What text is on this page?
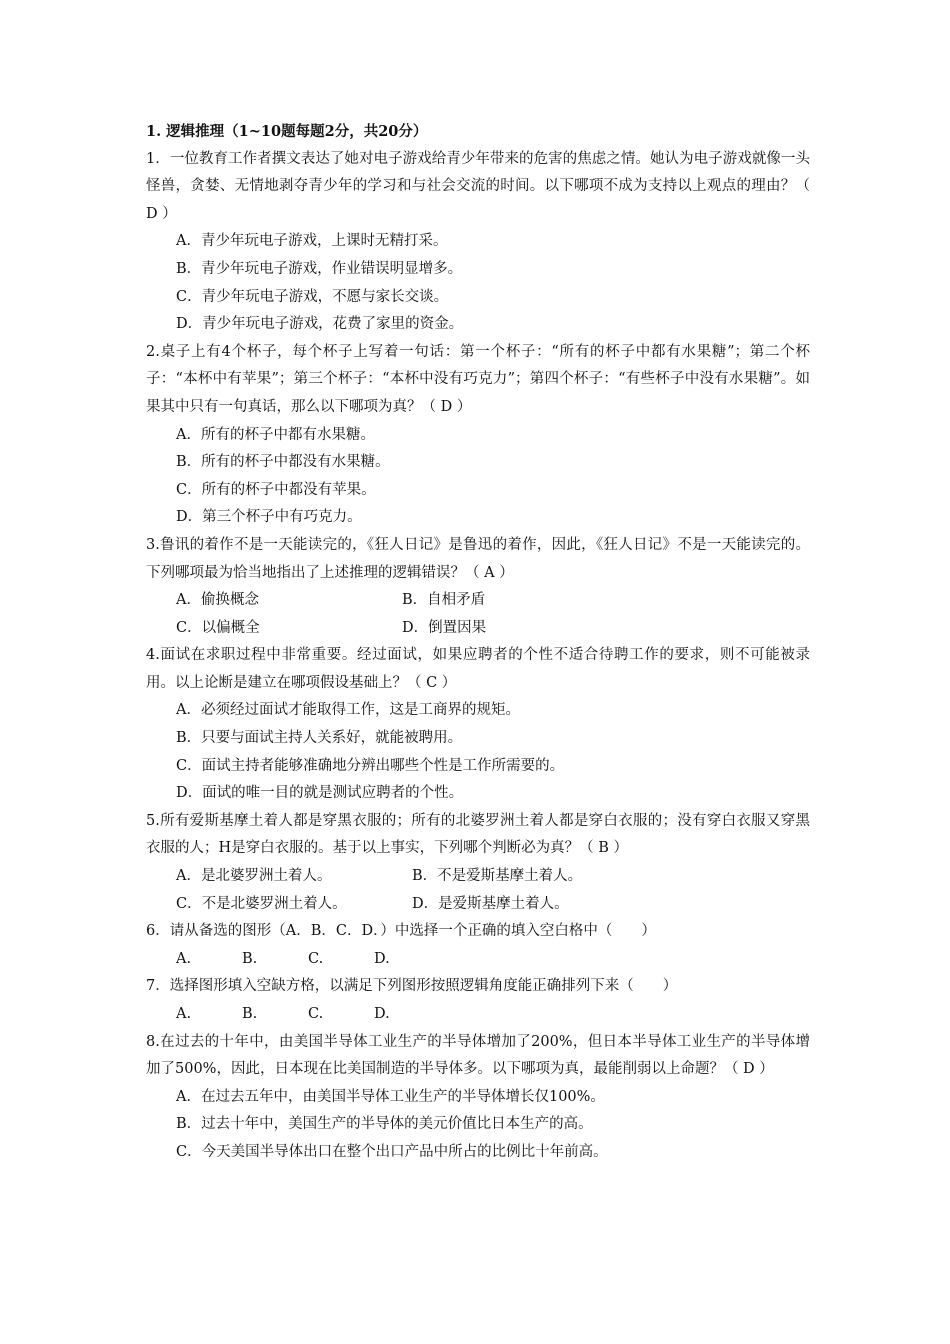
1. 逻辑推理（1~10题每题2分，共20分）
1．一位教育工作者撰文表达了她对电子游戏给青少年带来的危害的焦虑之情。她认为电子游戏就像一头怪兽，贪婪、无情地剥夺青少年的学习和与社会交流的时间。以下哪项不成为支持以上观点的理由？（ D ）
A．青少年玩电子游戏，上课时无精打采。
B．青少年玩电子游戏，作业错误明显增多。
C．青少年玩电子游戏，不愿与家长交谈。
D．青少年玩电子游戏，花费了家里的资金。
2.桌子上有4个杯子，每个杯子上写着一句话：第一个杯子：“所有的杯子中都有水果糖”；第二个杯子：“本杯中有苹果”；第三个杯子：“本杯中没有巧克力”；第四个杯子：“有些杯子中没有水果糖”。如果其中只有一句真话，那么以下哪项为真？（ D ）
A．所有的杯子中都有水果糖。
B．所有的杯子中都没有水果糖。
C．所有的杯子中都没有苹果。
D．第三个杯子中有巧克力。
3.鲁讯的着作不是一天能读完的，《狂人日记》是鲁迅的着作，因此，《狂人日记》不是一天能读完的。下列哪项最为恰当地指出了上述推理的逻辑错误？（ A ）
A．偷换概念	B．自相矛盾
C．以偏概全	D．倒置因果
4.面试在求职过程中非常重要。经过面试，如果应聘者的个性不适合待聘工作的要求，则不可能被录用。以上论断是建立在哪项假设基础上？（ C ）
A．必须经过面试才能取得工作，这是工商界的规矩。
B．只要与面试主持人关系好，就能被聘用。
C．面试主持者能够准确地分辨出哪些个性是工作所需要的。
D．面试的唯一目的就是测试应聘者的个性。
5.所有爱斯基摩土着人都是穿黑衣服的；所有的北婆罗洲土着人都是穿白衣服的；没有穿白衣服又穿黑衣服的人；H是穿白衣服的。基于以上事实，下列哪个判断必为真？（ B ）
A．是北婆罗洲土着人。	B．不是爱斯基摩土着人。
C．不是北婆罗洲土着人。	D．是爱斯基摩土着人。
6．请从备选的图形（A．B．C．D．）中选择一个正确的填入空白格中（　　）
A.	B.	C.	D.
7．选择图形填入空缺方格，以满足下列图形按照逻辑角度能正确排列下来（　　）
A.	B.	C.	D.
8.在过去的十年中，由美国半导体工业生产的半导体增加了200%，但日本半导体工业生产的半导体增加了500%，因此，日本现在比美国制造的半导体多。以下哪项为真，最能削弱以上命题？（ D ）
A．在过去五年中，由美国半导体工业生产的半导体增长仅100%。
B．过去十年中，美国生产的半导体的美元价值比日本生产的高。
C．今天美国半导体出口在整个出口产品中所占的比例比十年前高。
